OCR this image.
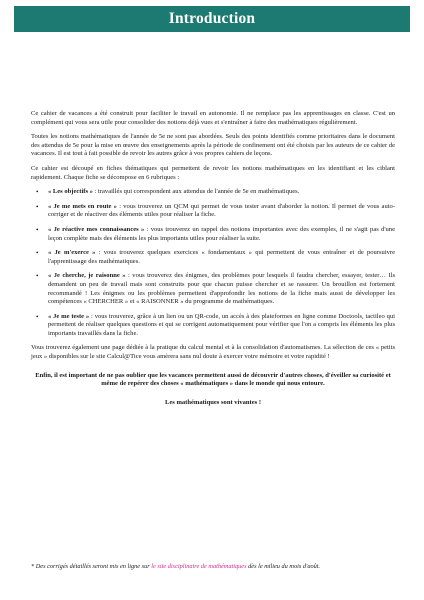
Introduction

Ce cahier de vacances a été construit pour faciliter le travail en autonomie. Il ne remplace pas les apprentissages en classe. C'est un complément qui vous sera utile pour consolider des notions déjà vues et s'entraîner à faire des mathématiques régulièrement.

Toutes les notions mathématiques de l'année de 5e ne sont pas abordées. Seuls des points identifiés comme prioritaires dans le document des attendus de 5e pour la mise en œuvre des enseignements après la période de confinement ont été choisis par les auteurs de ce cahier de vacances. Il est tout à fait possible de revoir les autres grâce à vos propres cahiers de leçons.

Ce cahier est découpé en fiches thématiques qui permettent de revoir les notions mathématiques en les identifiant et les ciblant rapidement. Chaque fiche se décompose en 6 rubriques :

• « Les objectifs » : travaillés qui correspondent aux attendus de l'année de 5e en mathématiques.
• « Je me mets en route » : vous trouverez un QCM qui permet de vous tester avant d'aborder la notion. Il permet de vous auto-corriger et de réactiver des éléments utiles pour réaliser la fiche.
• « Je réactive mes connaissances » : vous trouverez un rappel des notions importantes avec des exemples, il ne s'agit pas d'une leçon complète mais des éléments les plus importants utiles pour réaliser la suite.
• « Je m'exerce » : vous trouverez quelques exercices « fondamentaux » qui permettent de vous entraîner et de poursuivre l'apprentissage des mathématiques.
• « Je cherche, je raisonne » : vous trouverez des énigmes, des problèmes pour lesquels il faudra chercher, essayer, tester… Ils demandent un peu de travail mais sont construits pour que chacun puisse chercher et se rassurer. Un brouillon est fortement recommandé ! Les énigmes ou les problèmes permettent d'approfondir les notions de la fiche mais aussi de développer les compétences « CHERCHER » et « RAISONNER » du programme de mathématiques.
• « Je me teste » : vous trouverez, grâce à un lien ou un QR-code, un accès à des plateformes en ligne comme Doctools, tactileo qui permettent de réaliser quelques questions et qui se corrigent automatiquement pour vérifier que l'on a compris les éléments les plus importants travaillés dans la fiche.

Vous trouverez également une page dédiée à la pratique du calcul mental et à la consolidation d'automatismes. La sélection de ces « petits jeux » disponibles sur le site Calcul@Tice vous amèrera sans nul doute à exercer votre mémoire et votre rapidité !

Enfin, il est important de ne pas oublier que les vacances permettent aussi de découvrir d'autres choses, d'éveiller sa curiosité et même de repérer des choses « mathématiques » dans le monde qui nous entoure.

Les mathématiques sont vivantes !

* Des corrigés détaillés seront mis en ligne sur le site disciplinaire de mathématiques dès le milieu du mois d'août.
